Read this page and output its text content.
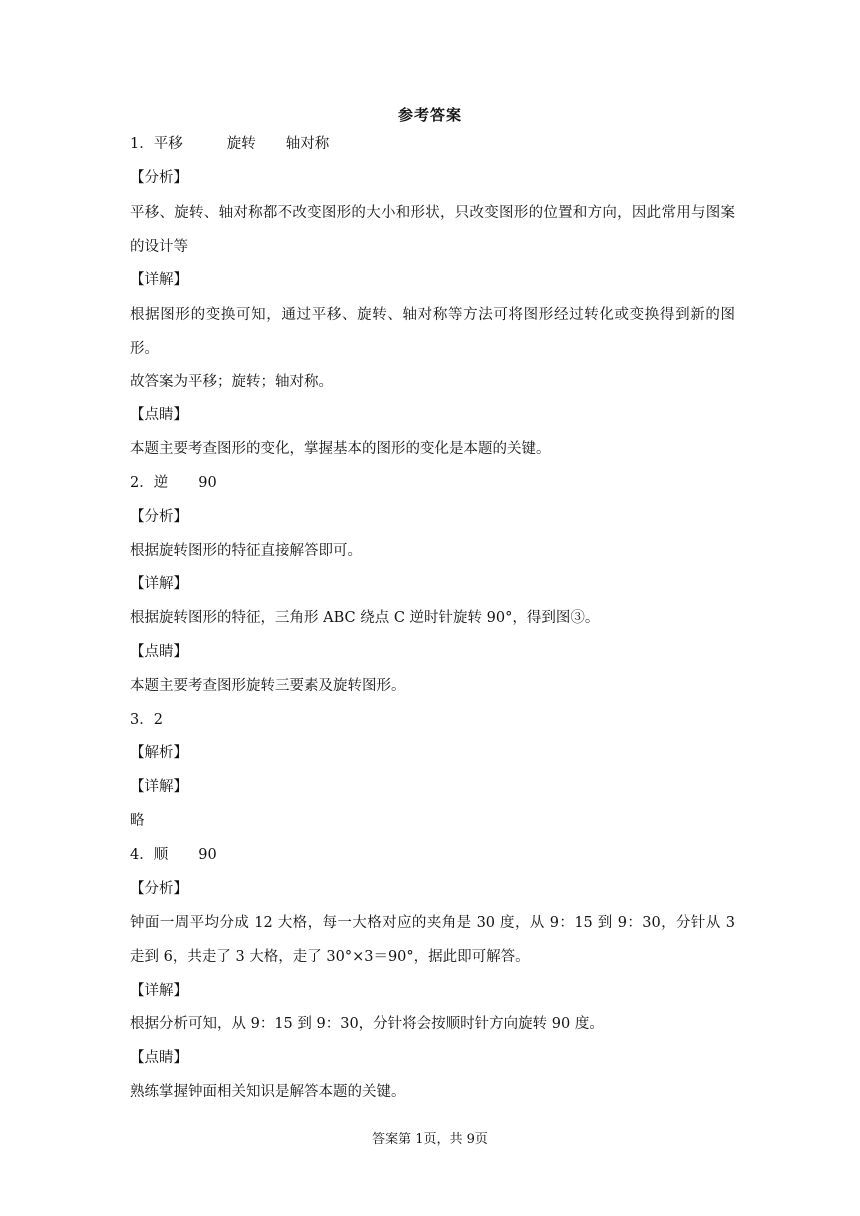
参考答案
1．平移	旋转 轴对称
【分析】
平移、旋转、轴对称都不改变图形的大小和形状，只改变图形的位置和方向，因此常用与图案的设计等
【详解】
根据图形的变换可知，通过平移、旋转、轴对称等方法可将图形经过转化或变换得到新的图形。
故答案为平移；旋转；轴对称。
【点睛】
本题主要考查图形的变化，掌握基本的图形的变化是本题的关键。
2．逆 90
【分析】
根据旋转图形的特征直接解答即可。
【详解】
根据旋转图形的特征，三角形 ABC 绕点 C 逆时针旋转 90°，得到图③。
【点睛】
本题主要考查图形旋转三要素及旋转图形。
3．2
【解析】
【详解】
略
4．顺 90
【分析】
钟面一周平均分成 12 大格，每一大格对应的夹角是 30 度，从 9：15 到 9：30，分针从 3 走到 6，共走了 3 大格，走了 30°×3＝90°，据此即可解答。
【详解】
根据分析可知，从 9：15 到 9：30，分针将会按顺时针方向旋转 90 度。
【点睛】
熟练掌握钟面相关知识是解答本题的关键。
答案第 1页，共 9页
